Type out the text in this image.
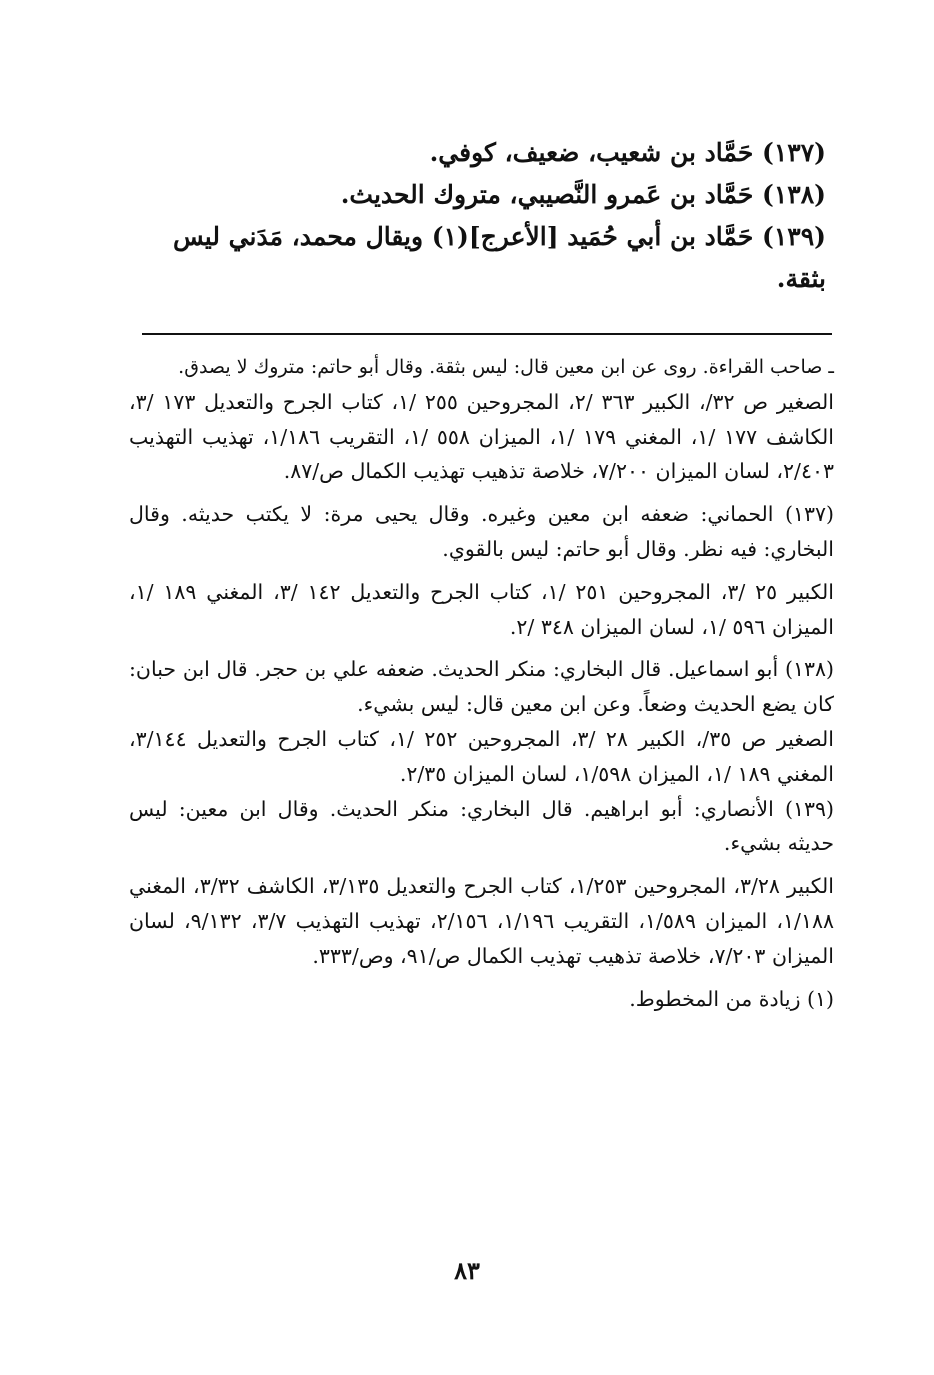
(١٣٧) حَمَّاد بن شعيب، ضعيف، كوفي.
(١٣٨) حَمَّاد بن عَمرو النَّصيبي، متروك الحديث.
(١٣٩) حَمَّاد بن أبي حُمَيد [الأعرج](١) ويقال محمد، مَدَني ليس
بثقة.

ـ صاحب القراءة. روى عن ابن معين قال: ليس بثقة. وقال أبو حاتم: متروك لا يصدق.

الصغير ص ٣٢/، الكبير ٣٦٣ /٢، المجروحين ٢٥٥ /١، كتاب الجرح والتعديل ١٧٣ /٣، الكاشف ١٧٧ /١، المغني ١٧٩ /١، الميزان ٥٥٨ /١، التقريب ١/١٨٦، تهذيب التهذيب ٢/٤٠٣، لسان الميزان ٧/٢٠٠، خلاصة تذهيب تهذيب الكمال ص/٨٧.

(١٣٧) الحماني: ضعفه ابن معين وغيره. وقال يحيى مرة: لا يكتب حديثه. وقال البخاري: فيه نظر. وقال أبو حاتم: ليس بالقوي.

الكبير ٢٥ /٣، المجروحين ٢٥١ /١، كتاب الجرح والتعديل ١٤٢ /٣، المغني ١٨٩ /١، الميزان ٥٩٦ /١، لسان الميزان ٣٤٨ /٢.

(١٣٨) أبو اسماعيل. قال البخاري: منكر الحديث. ضعفه علي بن حجر. قال ابن حبان: كان يضع الحديث وضعاً. وعن ابن معين قال: ليس بشيء.

الصغير ص ٣٥/، الكبير ٢٨ /٣، المجروحين ٢٥٢ /١، كتاب الجرح والتعديل ٣/١٤٤، المغني ١٨٩ /١، الميزان ١/٥٩٨، لسان الميزان ٢/٣٥.

(١٣٩) الأنصاري: أبو ابراهيم. قال البخاري: منكر الحديث. وقال ابن معين: ليس حديثه بشيء.

الكبير ٣/٢٨، المجروحين ١/٢٥٣، كتاب الجرح والتعديل ٣/١٣٥، الكاشف ٣/٣٢، المغني ١/١٨٨، الميزان ١/٥٨٩، التقريب ١/١٩٦، ٢/١٥٦، تهذيب التهذيب ٣/٧، ٩/١٣٢، لسان الميزان ٧/٢٠٣، خلاصة تذهيب تهذيب الكمال ص/٩١، وص/٣٣٣.

(١) زيادة من المخطوط.

٨٣
